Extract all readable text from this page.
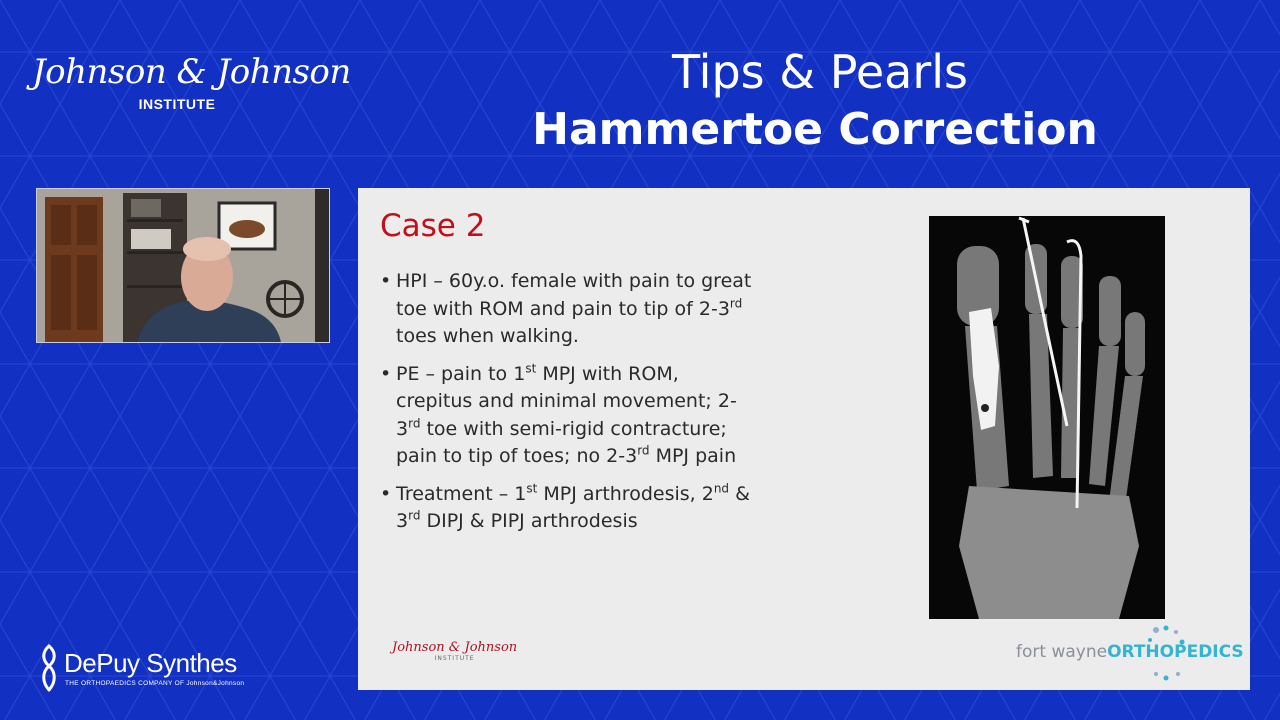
Johnson & Johnson
INSTITUTE
Tips & Pearls
Hammertoe Correction
Case 2
• HPI – 60y.o. female with pain to great toe with ROM and pain to tip of 2-3rd toes when walking.
• PE – pain to 1st MPJ with ROM, crepitus and minimal movement; 2-3rd toe with semi-rigid contracture; pain to tip of toes; no 2-3rd MPJ pain
• Treatment – 1st MPJ arthrodesis, 2nd & 3rd DIPJ & PIPJ arthrodesis
Johnson & Johnson
INSTITUTE	fort wayneORTHOPEDICS
DePuy Synthes
THE ORTHOPAEDICS COMPANY OF Johnson&Johnson
